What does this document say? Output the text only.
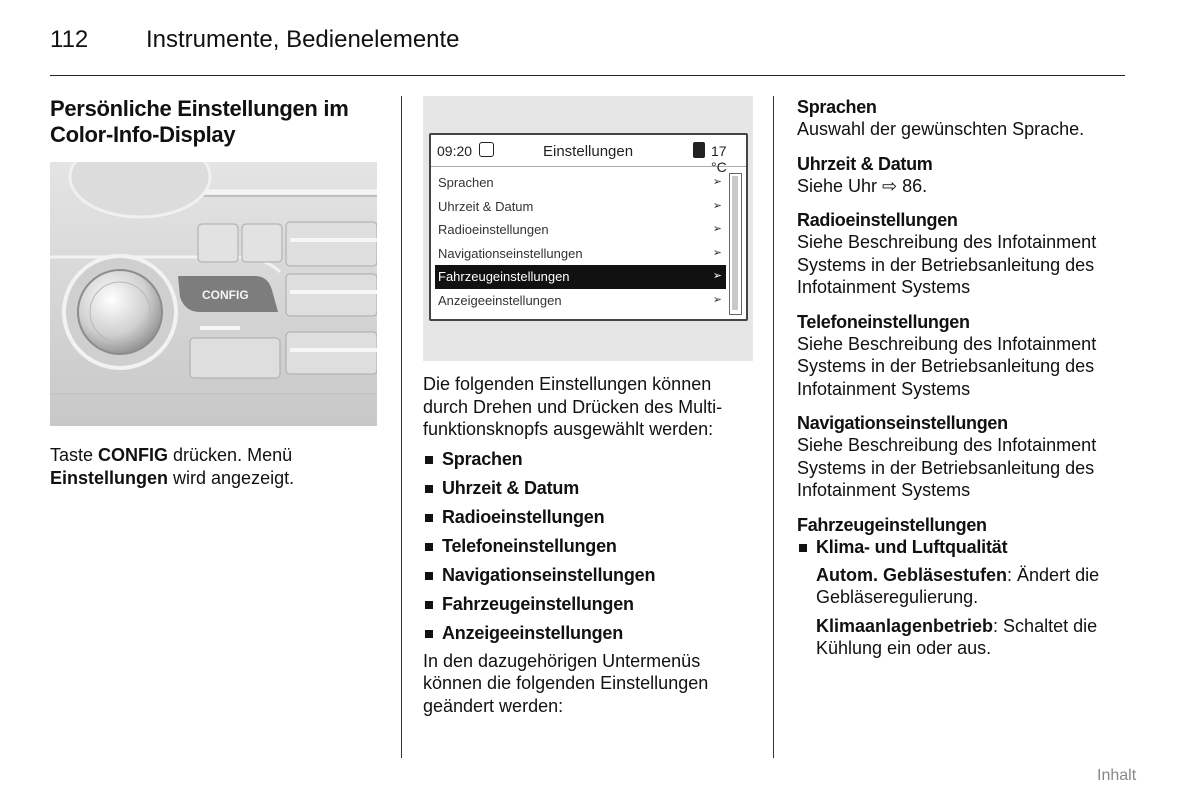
112 Instrumente, Bedienelemente
Persönliche Einstellungen im Color-Info-Display
CONFIG

Taste CONFIG drücken. Menü Einstellungen wird angezeigt.

09:20	Einstellungen	17 °C
Sprachen	➢
Uhrzeit & Datum	➢
Radioeinstellungen	➢
Navigationseinstellungen	➢
Fahrzeugeinstellungen	➢
Anzeigeeinstellungen	➢

Die folgenden Einstellungen können durch Drehen und Drücken des Multi-funktionsknopfs ausgewählt werden:

Sprachen
Uhrzeit & Datum
Radioeinstellungen
Telefoneinstellungen
Navigationseinstellungen
Fahrzeugeinstellungen
Anzeigeeinstellungen

In den dazugehörigen Untermenüs können die folgenden Einstellungen geändert werden:

Sprachen

Auswahl der gewünschten Sprache.

Uhrzeit & Datum

Siehe Uhr ⇨ 86.

Radioeinstellungen

Siehe Beschreibung des Infotainment Systems in der Betriebsanleitung des Infotainment Systems

Telefoneinstellungen

Siehe Beschreibung des Infotainment Systems in der Betriebsanleitung des Infotainment Systems

Navigationseinstellungen

Siehe Beschreibung des Infotainment Systems in der Betriebsanleitung des Infotainment Systems

Fahrzeugeinstellungen
Klima- und Luftqualität

Autom. Gebläsestufen: Ändert die Gebläseregulierung.

Klimaanlagenbetrieb: Schaltet die Kühlung ein oder aus.

Inhalt
